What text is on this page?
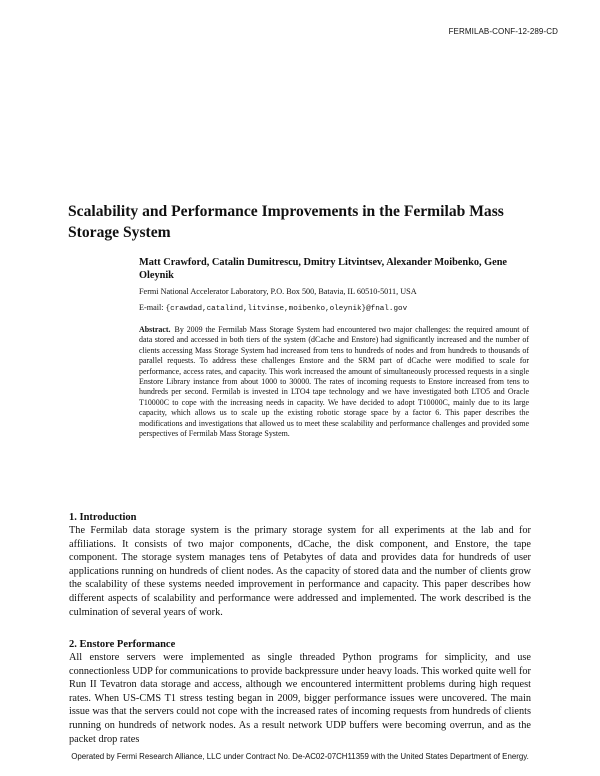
FERMILAB-CONF-12-289-CD
Scalability and Performance Improvements in the Fermilab Mass Storage System

Matt Crawford, Catalin Dumitrescu, Dmitry Litvintsev, Alexander Moibenko, Gene Oleynik

Fermi National Accelerator Laboratory, P.O. Box 500, Batavia, IL 60510-5011, USA
E-mail: {crawdad,catalind,litvinse,moibenko,oleynik}@fnal.gov

Abstract. By 2009 the Fermilab Mass Storage System had encountered two major challenges: the required amount of data stored and accessed in both tiers of the system (dCache and Enstore) had significantly increased and the number of clients accessing Mass Storage System had increased from tens to hundreds of nodes and from hundreds to thousands of parallel requests. To address these challenges Enstore and the SRM part of dCache were modified to scale for performance, access rates, and capacity. This work increased the amount of simultaneously processed requests in a single Enstore Library instance from about 1000 to 30000. The rates of incoming requests to Enstore increased from tens to hundreds per second. Fermilab is invested in LTO4 tape technology and we have investigated both LTO5 and Oracle T10000C to cope with the increasing needs in capacity. We have decided to adopt T10000C, mainly due to its large capacity, which allows us to scale up the existing robotic storage space by a factor 6. This paper describes the modifications and investigations that allowed us to meet these scalability and performance challenges and provided some perspectives of Fermilab Mass Storage System.

1. Introduction

The Fermilab data storage system is the primary storage system for all experiments at the lab and for affiliations. It consists of two major components, dCache, the disk component, and Enstore, the tape component. The storage system manages tens of Petabytes of data and provides data for hundreds of user applications running on hundreds of client nodes. As the capacity of stored data and the number of clients grow the scalability of these systems needed improvement in performance and capacity. This paper describes how different aspects of scalability and performance were addressed and implemented. The work described is the culmination of several years of work.

2. Enstore Performance

All enstore servers were implemented as single threaded Python programs for simplicity, and use connectionless UDP for communications to provide backpressure under heavy loads. This worked quite well for Run II Tevatron data storage and access, although we encountered intermittent problems during high request rates. When US-CMS T1 stress testing began in 2009, bigger performance issues were uncovered. The main issue was that the servers could not cope with the increased rates of incoming requests from hundreds of clients running on hundreds of network nodes. As a result network UDP buffers were becoming overrun, and as the packet drop rates

Operated by Fermi Research Alliance, LLC under Contract No. De-AC02-07CH11359 with the United States Department of Energy.
